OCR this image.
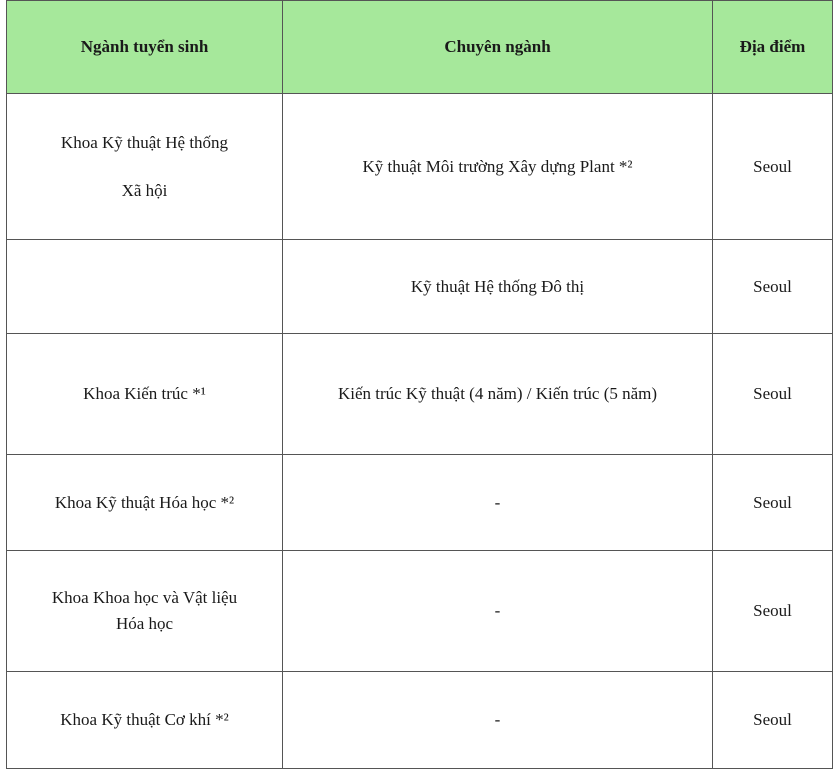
Ngành tuyển sinh	Chuyên ngành	Địa điểm

Khoa Kỹ thuật Hệ thống
Xã hội	Kỹ thuật Môi trường Xây dựng Plant *²	Seoul

	Kỹ thuật Hệ thống Đô thị	Seoul

Khoa Kiến trúc *¹	Kiến trúc Kỹ thuật (4 năm) / Kiến trúc (5 năm)	Seoul

Khoa Kỹ thuật Hóa học *²	-	Seoul

Khoa Khoa học và Vật liệu
Hóa học	-	Seoul

Khoa Kỹ thuật Cơ khí *²	-	Seoul
